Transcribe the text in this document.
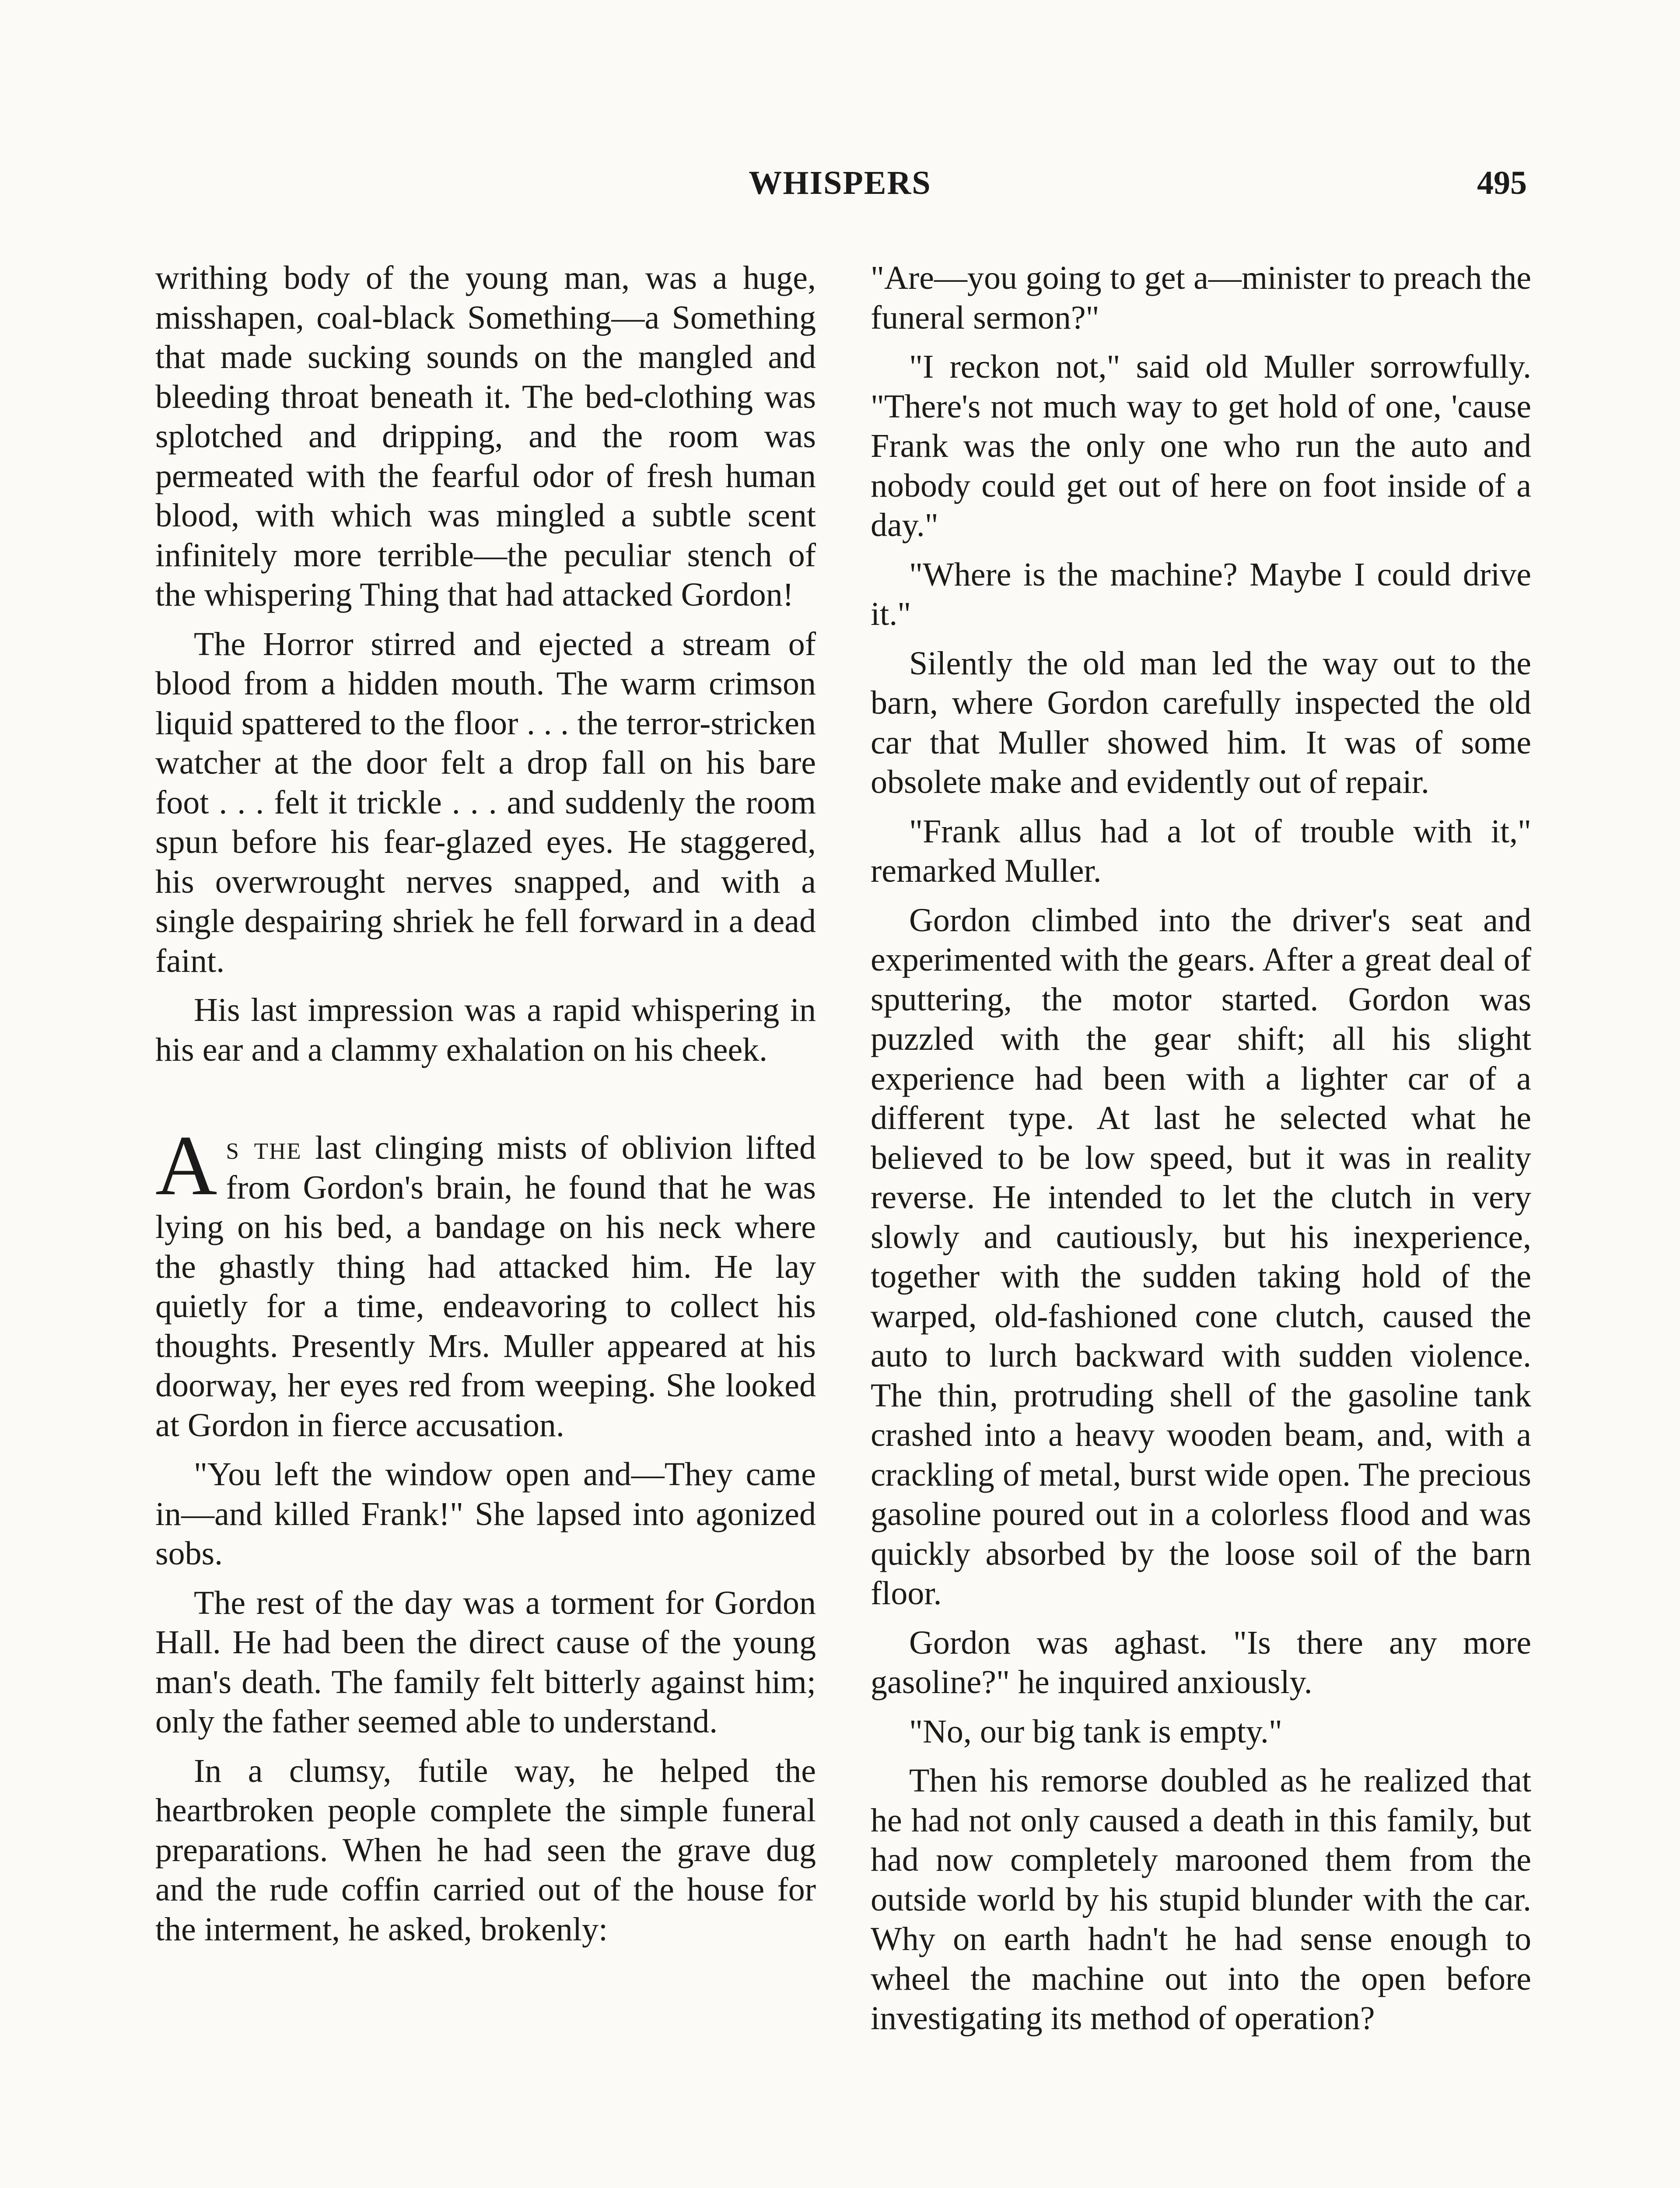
WHISPERS	495

writhing body of the young man, was a huge, misshapen, coal-black Something—a Something that made sucking sounds on the mangled and bleeding throat beneath it. The bed-clothing was splotched and dripping, and the room was permeated with the fearful odor of fresh human blood, with which was mingled a subtle scent infinitely more terrible—the peculiar stench of the whispering Thing that had attacked Gordon!

The Horror stirred and ejected a stream of blood from a hidden mouth. The warm crimson liquid spattered to the floor . . . the terror-stricken watcher at the door felt a drop fall on his bare foot . . . felt it trickle . . . and suddenly the room spun before his fear-glazed eyes. He staggered, his overwrought nerves snapped, and with a single despairing shriek he fell forward in a dead faint.

His last impression was a rapid whispering in his ear and a clammy exhalation on his cheek.

As the last clinging mists of oblivion lifted from Gordon's brain, he found that he was lying on his bed, a bandage on his neck where the ghastly thing had attacked him. He lay quietly for a time, endeavoring to collect his thoughts. Presently Mrs. Muller appeared at his doorway, her eyes red from weeping. She looked at Gordon in fierce accusation.

"You left the window open and—They came in—and killed Frank!" She lapsed into agonized sobs.

The rest of the day was a torment for Gordon Hall. He had been the direct cause of the young man's death. The family felt bitterly against him; only the father seemed able to understand.

In a clumsy, futile way, he helped the heartbroken people complete the simple funeral preparations. When he had seen the grave dug and the rude coffin carried out of the house for the interment, he asked, brokenly:

"Are—you going to get a—minister to preach the funeral sermon?"

"I reckon not," said old Muller sorrowfully. "There's not much way to get hold of one, 'cause Frank was the only one who run the auto and nobody could get out of here on foot inside of a day."

"Where is the machine? Maybe I could drive it."

Silently the old man led the way out to the barn, where Gordon carefully inspected the old car that Muller showed him. It was of some obsolete make and evidently out of repair.

"Frank allus had a lot of trouble with it," remarked Muller.

Gordon climbed into the driver's seat and experimented with the gears. After a great deal of sputtering, the motor started. Gordon was puzzled with the gear shift; all his slight experience had been with a lighter car of a different type. At last he selected what he believed to be low speed, but it was in reality reverse. He intended to let the clutch in very slowly and cautiously, but his inexperience, together with the sudden taking hold of the warped, old-fashioned cone clutch, caused the auto to lurch backward with sudden violence. The thin, protruding shell of the gasoline tank crashed into a heavy wooden beam, and, with a crackling of metal, burst wide open. The precious gasoline poured out in a colorless flood and was quickly absorbed by the loose soil of the barn floor.

Gordon was aghast. "Is there any more gasoline?" he inquired anxiously.

"No, our big tank is empty."

Then his remorse doubled as he realized that he had not only caused a death in this family, but had now completely marooned them from the outside world by his stupid blunder with the car. Why on earth hadn't he had sense enough to wheel the machine out into the open before investigating its method of operation?
